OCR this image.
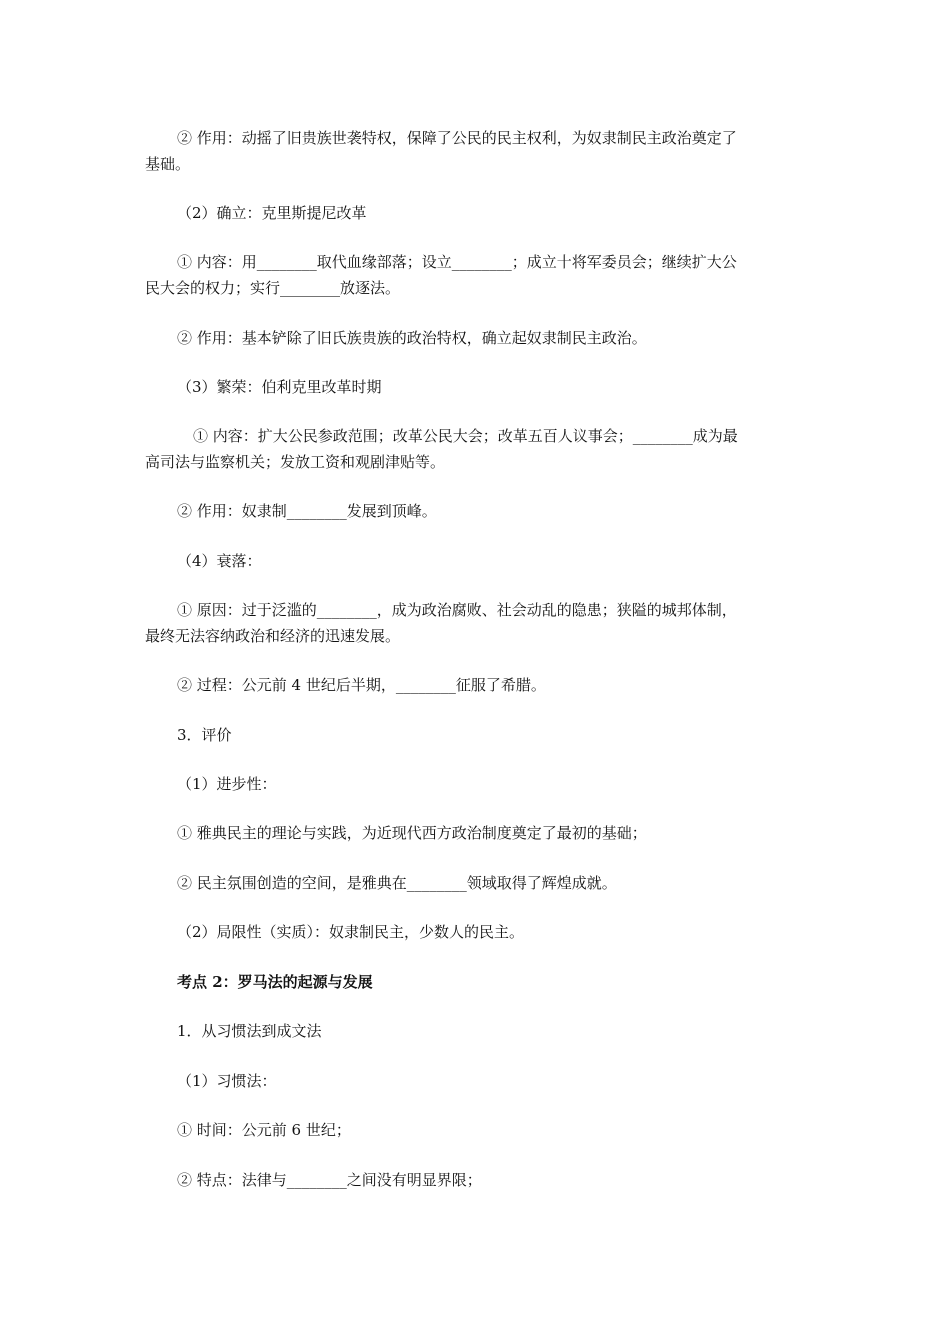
② 作用：动摇了旧贵族世袭特权，保障了公民的民主权利，为奴隶制民主政治奠定了
基础。
（2）确立：克里斯提尼改革
① 内容：用________取代血缘部落；设立________；成立十将军委员会；继续扩大公
民大会的权力；实行________放逐法。
② 作用：基本铲除了旧氏族贵族的政治特权，确立起奴隶制民主政治。
（3）繁荣：伯利克里改革时期
① 内容：扩大公民参政范围；改革公民大会；改革五百人议事会；________成为最
高司法与监察机关；发放工资和观剧津贴等。
② 作用：奴隶制________发展到顶峰。
（4）衰落：
① 原因：过于泛滥的________，成为政治腐败、社会动乱的隐患；狭隘的城邦体制，
最终无法容纳政治和经济的迅速发展。
② 过程：公元前 4 世纪后半期，________征服了希腊。
3．评价
（1）进步性：
① 雅典民主的理论与实践，为近现代西方政治制度奠定了最初的基础；
② 民主氛围创造的空间，是雅典在________领域取得了辉煌成就。
（2）局限性（实质）：奴隶制民主，少数人的民主。
考点 2：罗马法的起源与发展
1．从习惯法到成文法
（1）习惯法：
① 时间：公元前 6 世纪；
② 特点：法律与________之间没有明显界限；
